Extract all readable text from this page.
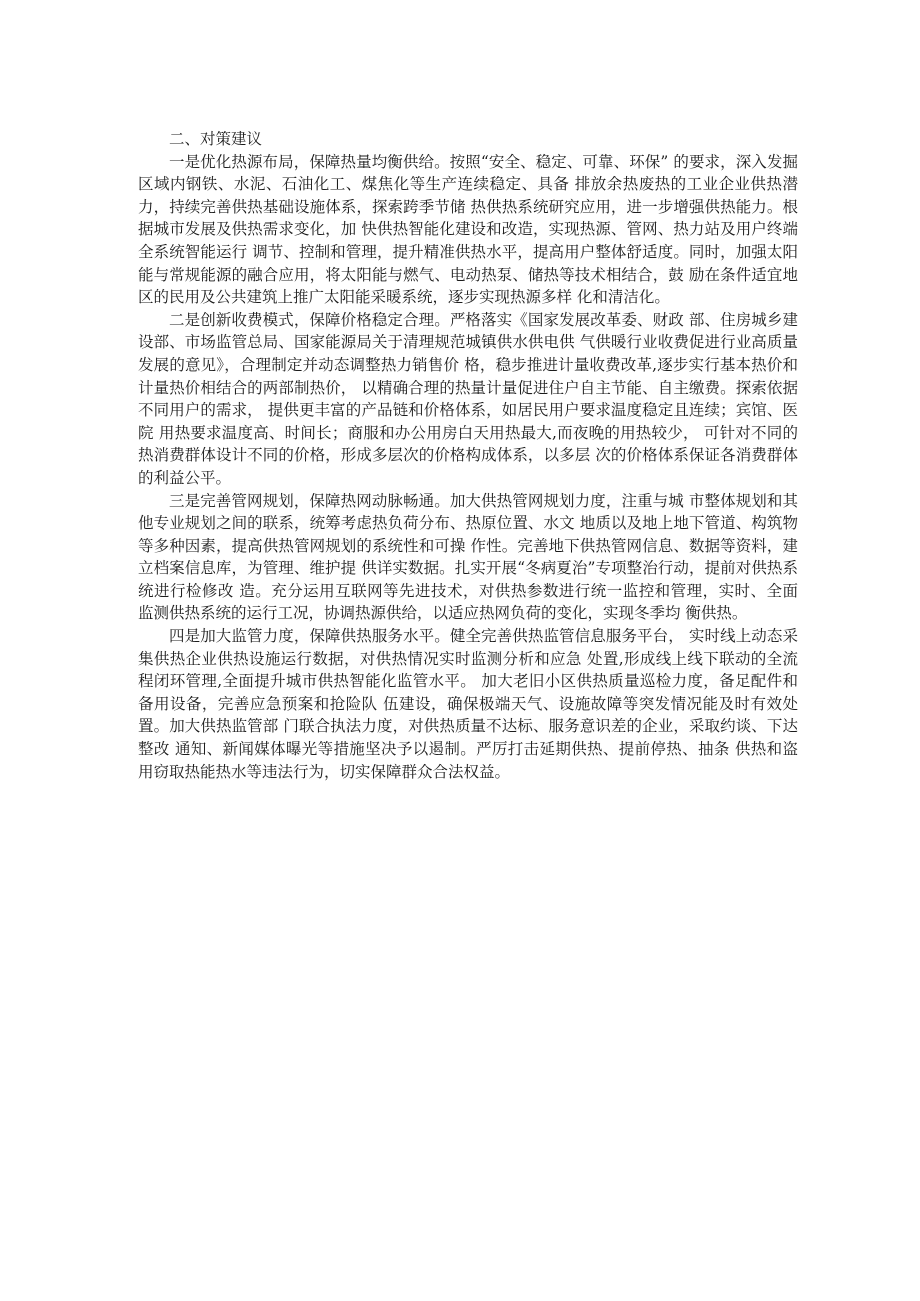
二、对策建议

一是优化热源布局，保障热量均衡供给。按照“安全、稳定、可靠、环保” 的要求，深入发掘区域内钢铁、水泥、石油化工、煤焦化等生产连续稳定、具备 排放余热废热的工业企业供热潜力，持续完善供热基础设施体系，探索跨季节储 热供热系统研究应用，进一步增强供热能力。根据城市发展及供热需求变化，加 快供热智能化建设和改造，实现热源、管网、热力站及用户终端全系统智能运行 调节、控制和管理，提升精准供热水平，提高用户整体舒适度。同时，加强太阳 能与常规能源的融合应用，将太阳能与燃气、电动热泵、储热等技术相结合，鼓 励在条件适宜地区的民用及公共建筑上推广太阳能采暖系统，逐步实现热源多样 化和清洁化。

二是创新收费模式，保障价格稳定合理。严格落实《国家发展改革委、财政 部、住房城乡建设部、市场监管总局、国家能源局关于清理规范城镇供水供电供 气供暖行业收费促进行业高质量发展的意见》，合理制定并动态调整热力销售价 格，稳步推进计量收费改革,逐步实行基本热价和计量热价相结合的两部制热价， 以精确合理的热量计量促进住户自主节能、自主缴费。探索依据不同用户的需求， 提供更丰富的产品链和价格体系，如居民用户要求温度稳定且连续；宾馆、医院 用热要求温度高、时间长；商服和办公用房白天用热最大,而夜晚的用热较少， 可针对不同的热消费群体设计不同的价格，形成多层次的价格构成体系，以多层 次的价格体系保证各消费群体的利益公平。

三是完善管网规划，保障热网动脉畅通。加大供热管网规划力度，注重与城 市整体规划和其他专业规划之间的联系，统筹考虑热负荷分布、热原位置、水文 地质以及地上地下管道、构筑物等多种因素，提高供热管网规划的系统性和可操 作性。完善地下供热管网信息、数据等资料，建立档案信息库，为管理、维护提 供详实数据。扎实开展“冬病夏治”专项整治行动，提前对供热系统进行检修改 造。充分运用互联网等先进技术，对供热参数进行统一监控和管理，实时、全面 监测供热系统的运行工况，协调热源供给，以适应热网负荷的变化，实现冬季均 衡供热。

四是加大监管力度，保障供热服务水平。健全完善供热监管信息服务平台， 实时线上动态采集供热企业供热设施运行数据，对供热情况实时监测分析和应急 处置,形成线上线下联动的全流程闭环管理,全面提升城市供热智能化监管水平。 加大老旧小区供热质量巡检力度，备足配件和备用设备，完善应急预案和抢险队 伍建设，确保极端天气、设施故障等突发情况能及时有效处置。加大供热监管部 门联合执法力度，对供热质量不达标、服务意识差的企业，采取约谈、下达整改 通知、新闻媒体曝光等措施坚决予以遏制。严厉打击延期供热、提前停热、抽条 供热和盗用窃取热能热水等违法行为，切实保障群众合法权益。
